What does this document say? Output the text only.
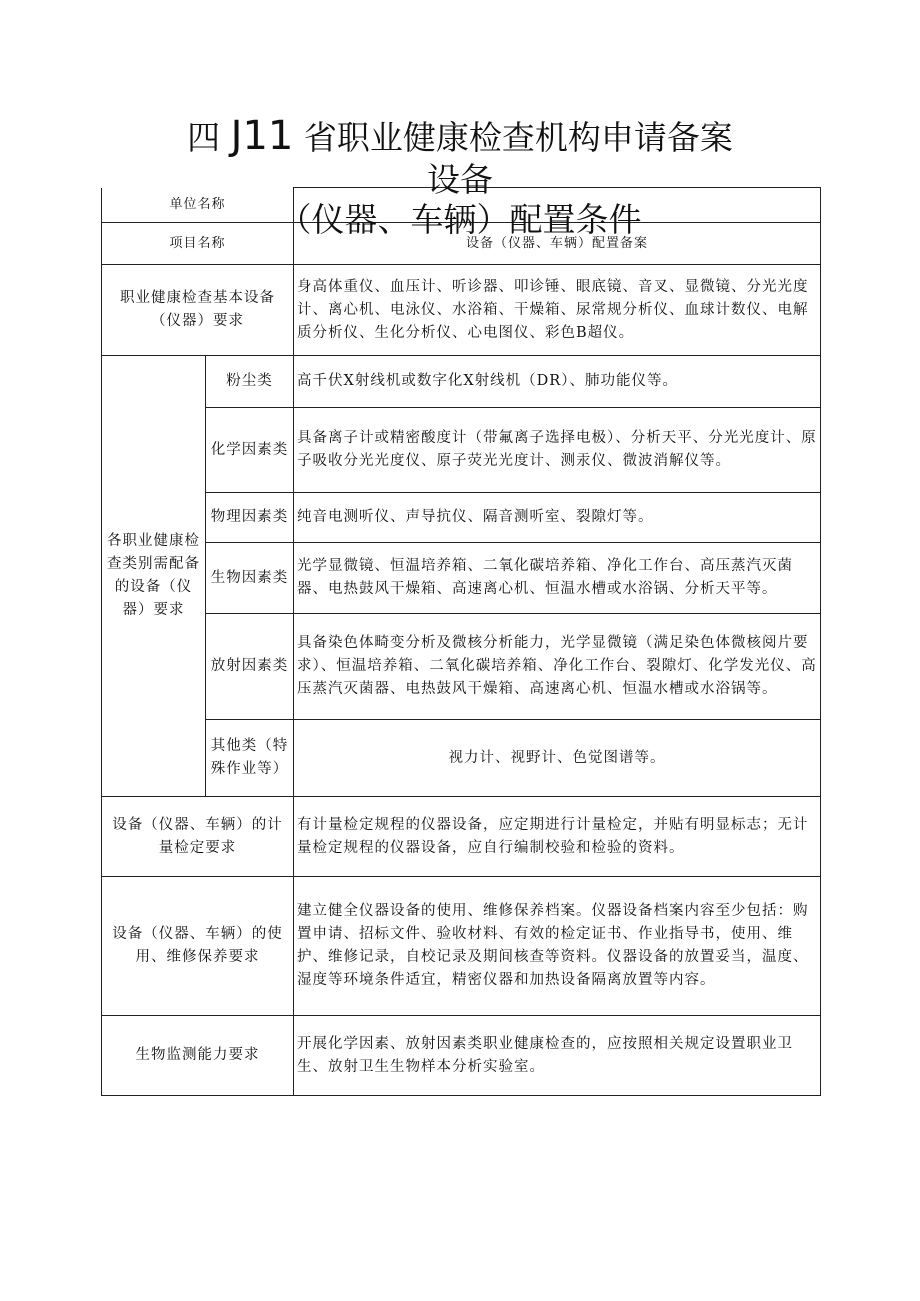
四 J11 省职业健康检查机构申请备案
设备
（仪器、车辆）配置条件
单位名称		
项目名称		设备（仪器、车辆）配置备案
职业健康检查基本设备（仪器）要求		身高体重仪、血压计、听诊器、叩诊锤、眼底镜、音叉、显微镜、分光光度计、离心机、电泳仪、水浴箱、干燥箱、尿常规分析仪、血球计数仪、电解质分析仪、生化分析仪、心电图仪、彩色B超仪。
各职业健康检查类别需配备的设备（仪器）要求	粉尘类	高千伏X射线机或数字化X射线机（DR）、肺功能仪等。
	化学因素类	具备离子计或精密酸度计（带氟离子选择电极）、分析天平、分光光度计、原子吸收分光光度仪、原子荧光光度计、测汞仪、微波消解仪等。
	物理因素类	纯音电测听仪、声导抗仪、隔音测听室、裂隙灯等。
	生物因素类	光学显微镜、恒温培养箱、二氧化碳培养箱、净化工作台、高压蒸汽灭菌器、电热鼓风干燥箱、高速离心机、恒温水槽或水浴锅、分析天平等。
	放射因素类	具备染色体畸变分析及微核分析能力，光学显微镜（满足染色体微核阅片要求）、恒温培养箱、二氧化碳培养箱、净化工作台、裂隙灯、化学发光仪、高压蒸汽灭菌器、电热鼓风干燥箱、高速离心机、恒温水槽或水浴锅等。
	其他类（特殊作业等）	视力计、视野计、色觉图谱等。
设备（仪器、车辆）的计量检定要求		有计量检定规程的仪器设备，应定期进行计量检定，并贴有明显标志；无计量检定规程的仪器设备，应自行编制校验和检验的资料。
设备（仪器、车辆）的使用、维修保养要求		建立健全仪器设备的使用、维修保养档案。仪器设备档案内容至少包括：购置申请、招标文件、验收材料、有效的检定证书、作业指导书，使用、维护、维修记录，自校记录及期间核查等资料。仪器设备的放置妥当，温度、湿度等环境条件适宜，精密仪器和加热设备隔离放置等内容。
生物监测能力要求		开展化学因素、放射因素类职业健康检查的，应按照相关规定设置职业卫生、放射卫生生物样本分析实验室。
